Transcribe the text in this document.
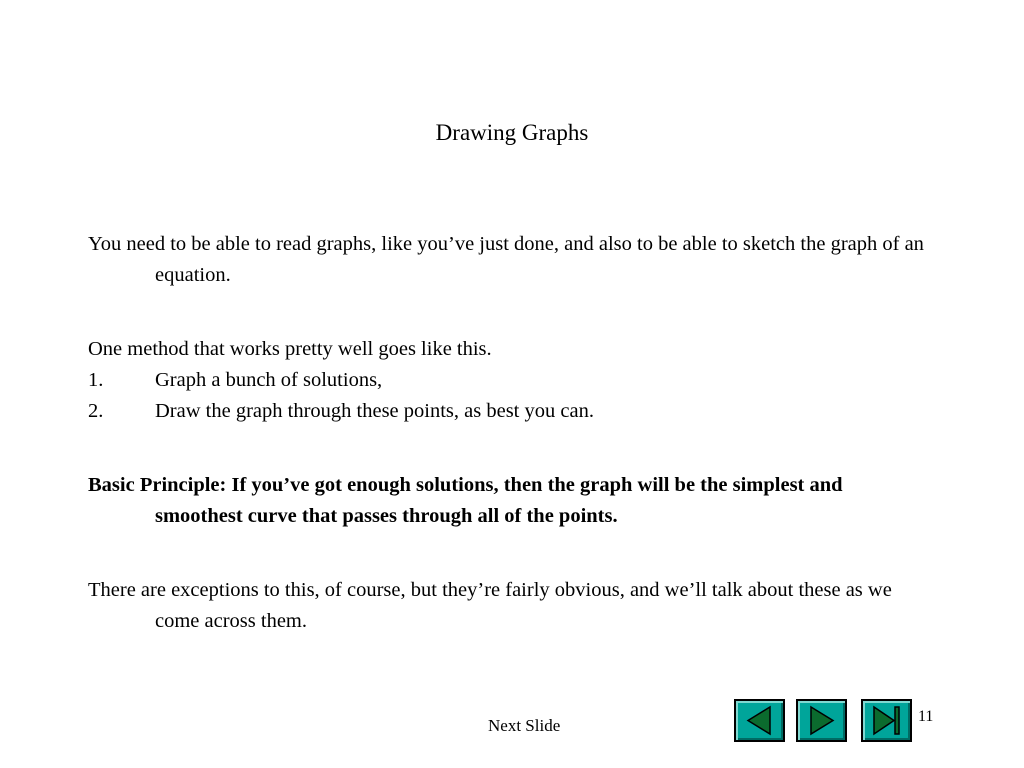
Drawing Graphs

You need to be able to read graphs, like you’ve just done, and also to be able to sketch the graph of an equation.

One method that works pretty well goes like this.

1.	Graph a bunch of solutions,
2.	Draw the graph through these points, as best you can.

Basic Principle: If you’ve got enough solutions, then the graph will be the simplest and smoothest curve that passes through all of the points.

There are exceptions to this, of course, but they’re fairly obvious, and we’ll talk about these as we come across them.

Next Slide	11
